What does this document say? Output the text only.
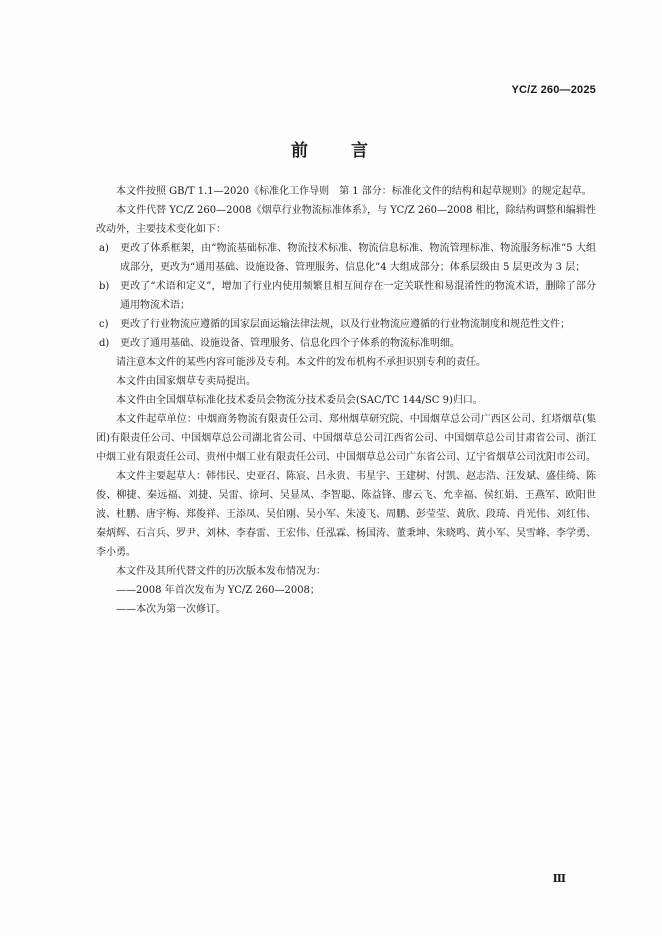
YC/Z 260—2025
前 言

本文件按照 GB/T 1.1—2020《标准化工作导则　第 1 部分：标准化文件的结构和起草规则》的规定起草。

本文件代替 YC/Z 260—2008《烟草行业物流标准体系》，与 YC/Z 260—2008 相比，除结构调整和编辑性改动外，主要技术变化如下：

a) 更改了体系框架，由“物流基础标准、物流技术标准、物流信息标准、物流管理标准、物流服务标准”5 大组成部分，更改为“通用基础、设施设备、管理服务、信息化”4 大组成部分；体系层级由 5 层更改为 3 层；

b) 更改了“术语和定义”，增加了行业内使用频繁且相互间存在一定关联性和易混淆性的物流术语，删除了部分通用物流术语；

c) 更改了行业物流应遵循的国家层面运输法律法规，以及行业物流应遵循的行业物流制度和规范性文件；

d) 更改了通用基础、设施设备、管理服务、信息化四个子体系的物流标准明细。

请注意本文件的某些内容可能涉及专利。本文件的发布机构不承担识别专利的责任。

本文件由国家烟草专卖局提出。

本文件由全国烟草标准化技术委员会物流分技术委员会(SAC/TC 144/SC 9)归口。

本文件起草单位：中烟商务物流有限责任公司、郑州烟草研究院、中国烟草总公司广西区公司、红塔烟草(集团)有限责任公司、中国烟草总公司湖北省公司、中国烟草总公司江西省公司、中国烟草总公司甘肃省公司、浙江中烟工业有限责任公司、贵州中烟工业有限责任公司、中国烟草总公司广东省公司、辽宁省烟草公司沈阳市公司。

本文件主要起草人：韩伟民、史亚召、陈宸、吕永贵、韦星宇、王建树、付凯、赵志浩、汪发斌、盛佳绮、陈俊、柳捷、秦远福、刘捷、吴雷、徐珂、吴显凤、李智聪、陈益锋、廖云飞、允幸福、侯红娟、王燕军、欧阳世波、杜鹏、唐宇梅、郑俊祥、王添凤、吴伯刚、吴小军、朱凌飞、周鹏、彭莹莹、黄欣、段琦、肖光伟、刘红伟、秦炳辉、石言兵、罗尹、刘林、李春雷、王宏伟、任泓霖、杨国涛、董秉坤、朱晓鸣、黄小军、吴雪峰、李学勇、李小勇。

本文件及其所代替文件的历次版本发布情况为：

——2008 年首次发布为 YC/Z 260—2008；

——本次为第一次修订。

Ⅲ
